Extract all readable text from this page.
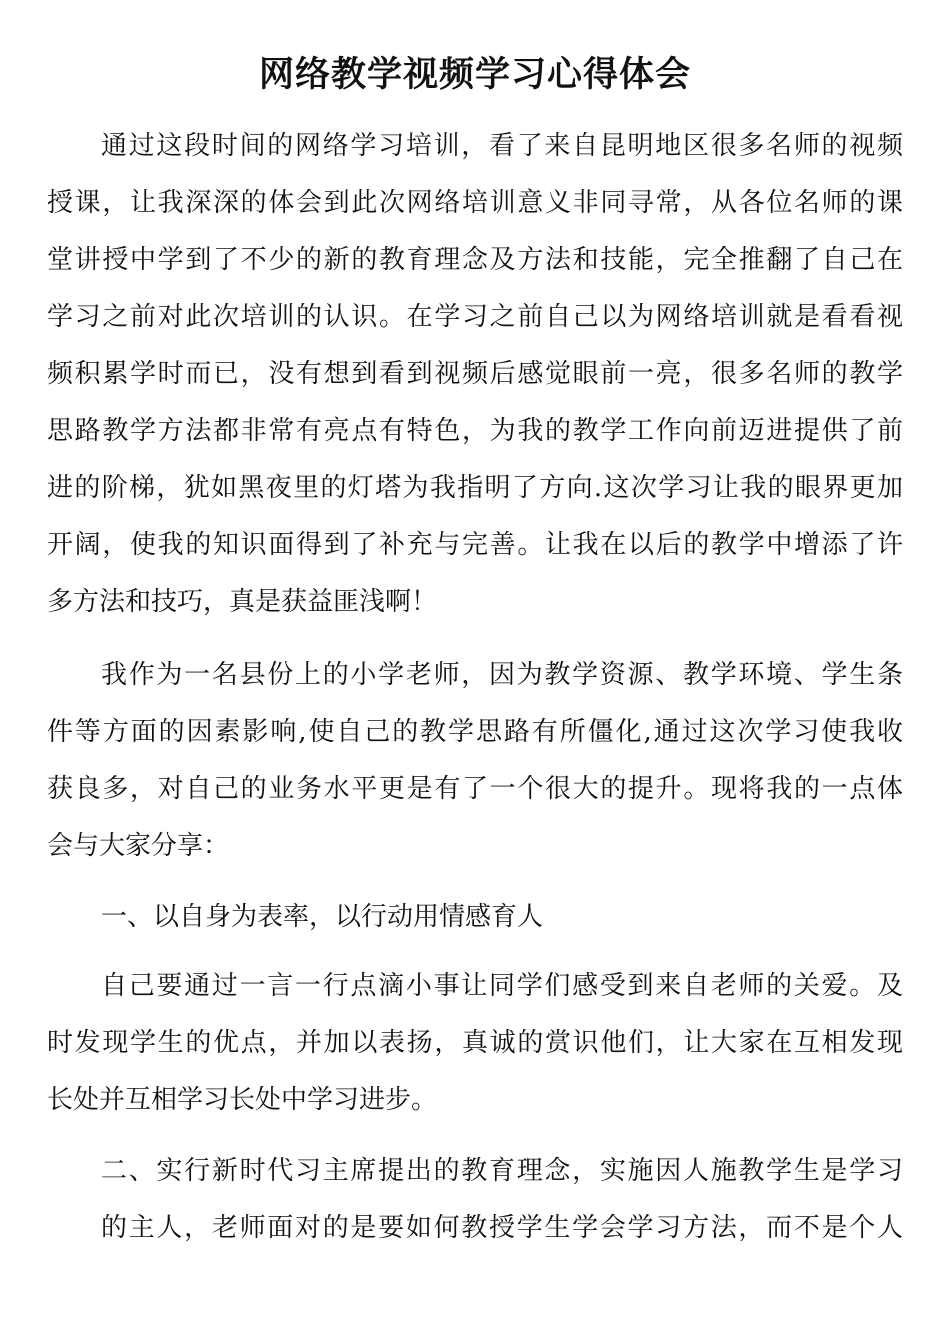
网络教学视频学习心得体会
通过这段时间的网络学习培训，看了来自昆明地区很多名师的视频
授课，让我深深的体会到此次网络培训意义非同寻常，从各位名师的课
堂讲授中学到了不少的新的教育理念及方法和技能，完全推翻了自己在
学习之前对此次培训的认识。在学习之前自己以为网络培训就是看看视
频积累学时而已，没有想到看到视频后感觉眼前一亮，很多名师的教学
思路教学方法都非常有亮点有特色，为我的教学工作向前迈进提供了前
进的阶梯，犹如黑夜里的灯塔为我指明了方向.这次学习让我的眼界更加
开阔，使我的知识面得到了补充与完善。让我在以后的教学中增添了许
多方法和技巧，真是获益匪浅啊！
我作为一名县份上的小学老师，因为教学资源、教学环境、学生条
件等方面的因素影响,使自己的教学思路有所僵化,通过这次学习使我收
获良多，对自己的业务水平更是有了一个很大的提升。现将我的一点体
会与大家分享：
一、以自身为表率，以行动用情感育人
自己要通过一言一行点滴小事让同学们感受到来自老师的关爱。及
时发现学生的优点，并加以表扬，真诚的赏识他们，让大家在互相发现
长处并互相学习长处中学习进步。
二、实行新时代习主席提出的教育理念，实施因人施教学生是学习
的主人，老师面对的是要如何教授学生学会学习方法，而不是个人
